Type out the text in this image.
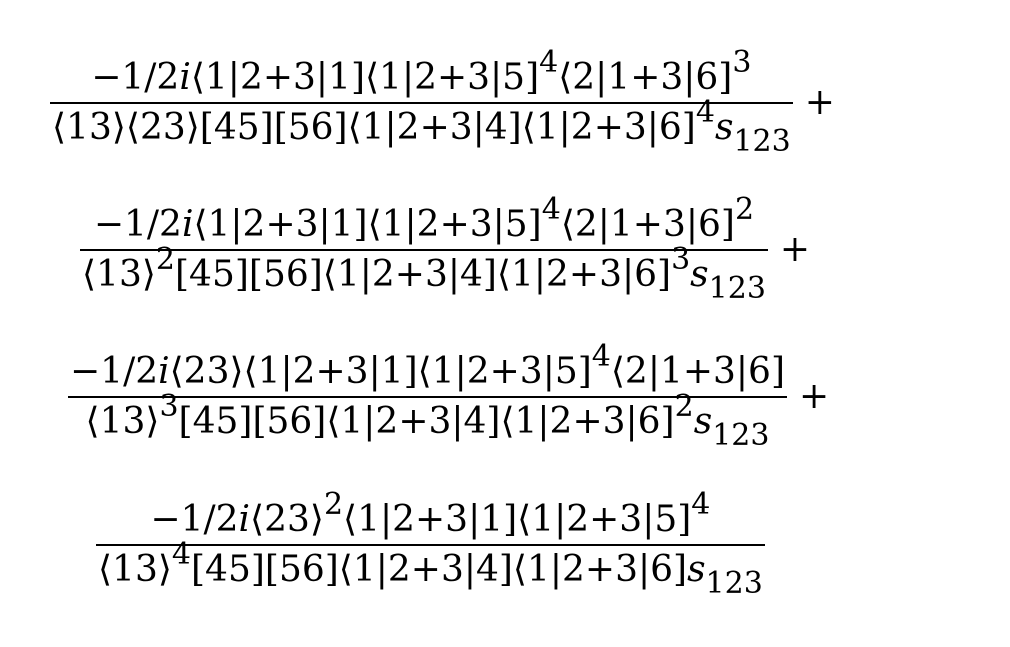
$\frac{-1/2i⟨1|2+3|1]⟨1|2+3|5]^4⟨2|1+3|6]^3}{⟨13⟩⟨23⟩[45][56]⟨1|2+3|4]⟨1|2+3|6]^4s_{123}}$ +
$\frac{-1/2i⟨1|2+3|1]⟨1|2+3|5]^4⟨2|1+3|6]^2}{⟨13⟩^2[45][56]⟨1|2+3|4]⟨1|2+3|6]^3s_{123}}$ +
$\frac{-1/2i⟨23⟩⟨1|2+3|1]⟨1|2+3|5]^4⟨2|1+3|6]}{⟨13⟩^3[45][56]⟨1|2+3|4]⟨1|2+3|6]^2s_{123}}$ +
$\frac{-1/2i⟨23⟩^2⟨1|2+3|1]⟨1|2+3|5]^4}{⟨13⟩^4[45][56]⟨1|2+3|4]⟨1|2+3|6]s_{123}}$
